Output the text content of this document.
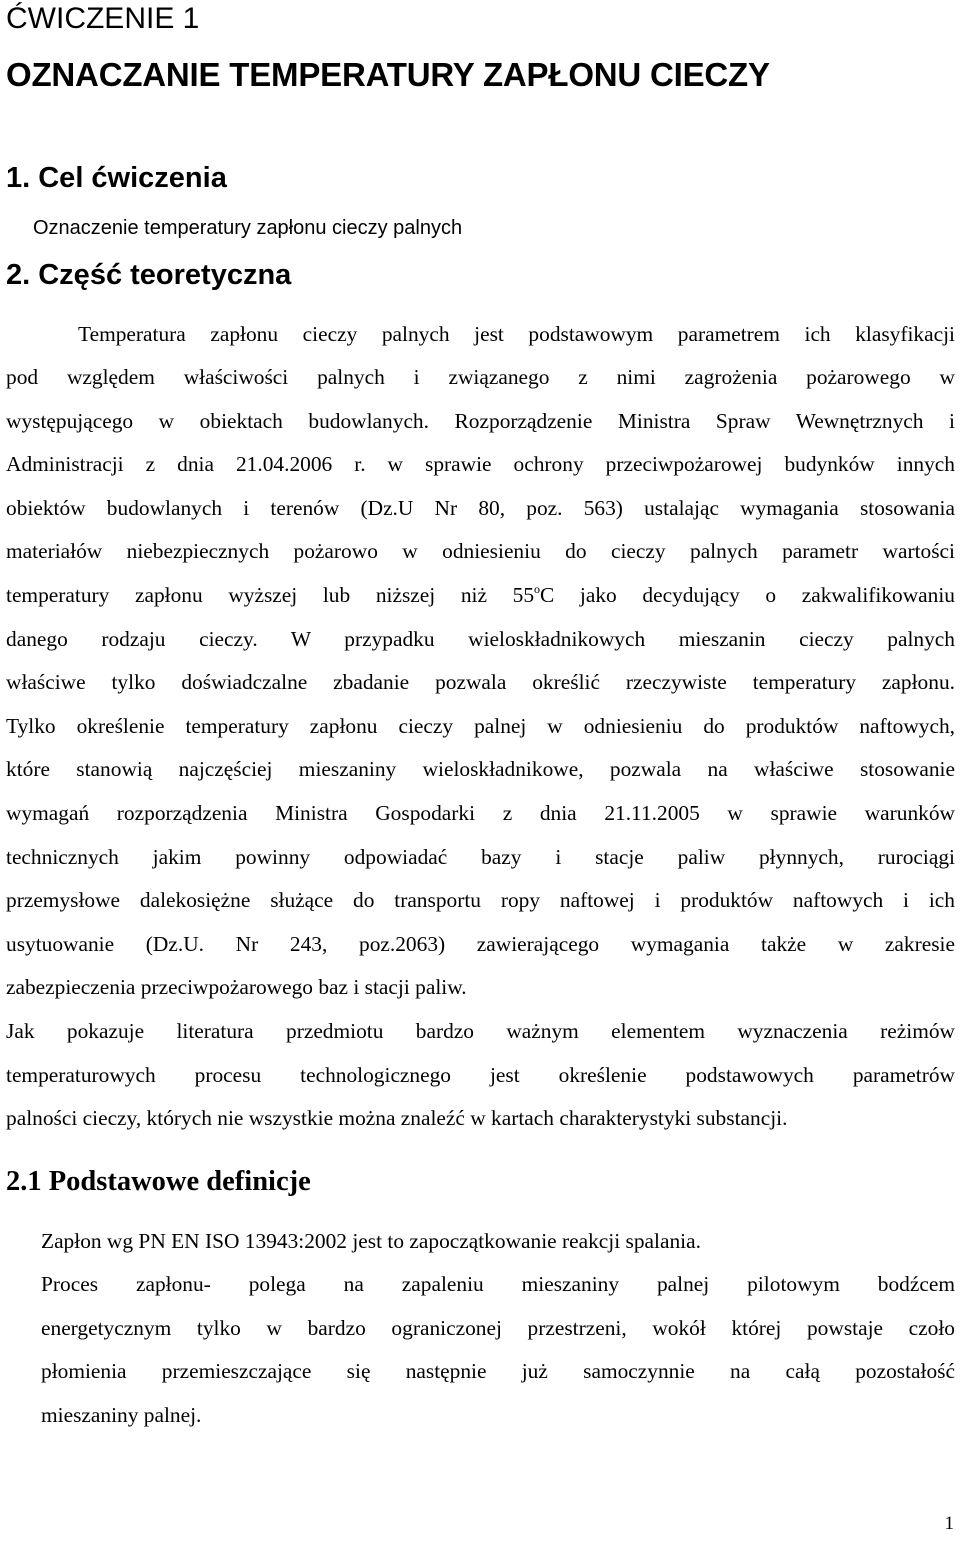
ĆWICZENIE 1
OZNACZANIE TEMPERATURY ZAPŁONU CIECZY
1. Cel ćwiczenia
Oznaczenie temperatury zapłonu cieczy palnych
2. Część teoretyczna
Temperatura zapłonu cieczy palnych jest podstawowym parametrem ich klasyfikacji
pod względem właściwości palnych i związanego z nimi zagrożenia pożarowego w
występującego w obiektach budowlanych. Rozporządzenie Ministra Spraw Wewnętrznych i
Administracji z dnia 21.04.2006 r. w sprawie ochrony przeciwpożarowej budynków innych
obiektów budowlanych i terenów (Dz.U Nr 80, poz. 563) ustalając wymagania stosowania
materiałów niebezpiecznych pożarowo w odniesieniu do cieczy palnych parametr wartości
temperatury zapłonu wyższej lub niższej niż 55$^o$C jako decydujący o zakwalifikowaniu
danego rodzaju cieczy. W przypadku wieloskładnikowych mieszanin cieczy palnych
właściwe tylko doświadczalne zbadanie pozwala określić rzeczywiste temperatury zapłonu.
Tylko określenie temperatury zapłonu cieczy palnej w odniesieniu do produktów naftowych,
które stanowią najczęściej mieszaniny wieloskładnikowe, pozwala na właściwe stosowanie
wymagań rozporządzenia Ministra Gospodarki z dnia 21.11.2005 w sprawie warunków
technicznych jakim powinny odpowiadać bazy i stacje paliw płynnych, rurociągi
przemysłowe dalekosiężne służące do transportu ropy naftowej i produktów naftowych i ich
usytuowanie (Dz.U. Nr 243, poz.2063) zawierającego wymagania także w zakresie
zabezpieczenia przeciwpożarowego baz i stacji paliw.
Jak pokazuje literatura przedmiotu bardzo ważnym elementem wyznaczenia reżimów
temperaturowych procesu technologicznego jest określenie podstawowych parametrów
palności cieczy, których nie wszystkie można znaleźć w kartach charakterystyki substancji.
2.1 Podstawowe definicje
Zapłon wg PN EN ISO 13943:2002 jest to zapoczątkowanie reakcji spalania.
Proces zapłonu- polega na zapaleniu mieszaniny palnej pilotowym bodźcem
energetycznym tylko w bardzo ograniczonej przestrzeni, wokół której powstaje czoło
płomienia przemieszczające się następnie już samoczynnie na całą pozostałość
mieszaniny palnej.
1
